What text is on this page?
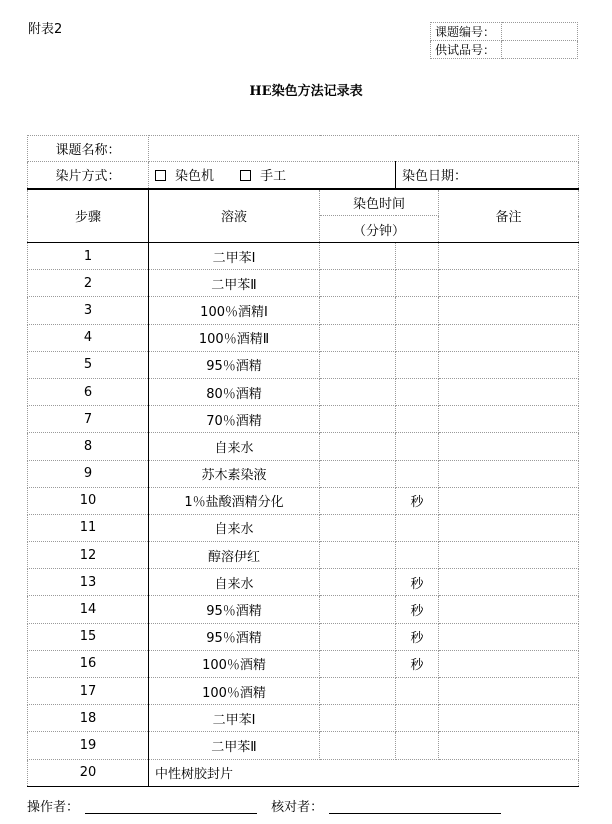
附表2	课题编号：	
供试品号：	
HE染色方法记录表
课题名称：				
染片方式：	染色机 手工		染色日期：	
步骤	溶液	染色时间		备注
		（分钟）		
1	二甲苯Ⅰ			
2	二甲苯Ⅱ			
3	100％酒精Ⅰ			
4	100％酒精Ⅱ			
5	95％酒精			
6	80％酒精			
7	70％酒精			
8	自来水			
9	苏木素染液			
10	1％盐酸酒精分化		秒	
11	自来水			
12	醇溶伊红			
13	自来水		秒	
14	95％酒精		秒	
15	95％酒精		秒	
16	100％酒精		秒	
17	100％酒精			
18	二甲苯Ⅰ			
19	二甲苯Ⅱ			
20	中性树胶封片			
操作者：	核对者：
